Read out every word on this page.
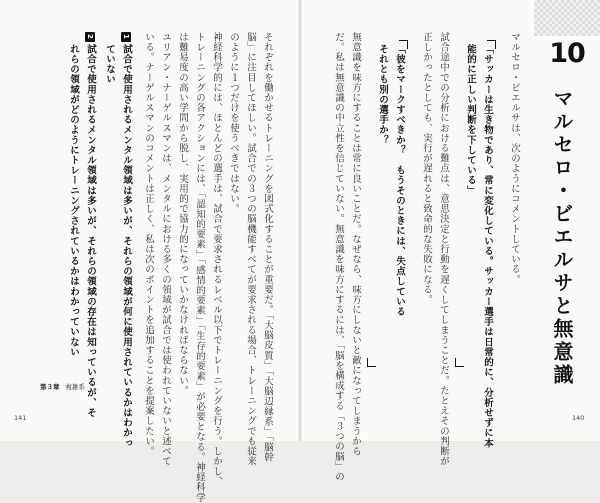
10
マルセロ・ビエルサと無意識
マルセロ・ビエルサは、次のようにコメントしている。
「サッカーは生き物であり、常に変化している。サッカー選手は日常的に、分析せずに本
能的に正しい判断を下している」
試合途中での分析における難点は、意思決定と行動を遅くしてしまうことだ。たとえその判断が
正しかったとしても、実行が遅れると致命的な失敗になる。
「彼をマークすべきか？　もうそのときには、失点している
それとも別の選手か？
無意識を味方にすることは常に良いことだ。なぜなら、味方にしないと敵になってしまうから
だ。私は無意識の中立性を信じていない。無意識を味方にするには、「脳を構成する「３つの脳」の
それぞれを働かせるトレーニングを図式化することが重要だ。「大脳皮質」「大脳辺縁系」「脳幹
脳」に注目してほしい。試合での３つの脳機能すべてが要求される場合、トレーニングでも従来
のように１つだけを使うべきではない。
神経科学的には、ほとんどの選手は、試合で要求されるレベル以下でトレーニングを行う。しかし、
トレーニングの各アクションには、「認知的要素」「感情的要素」「生存的要素」が必要となる。神経科学
は難易度の高い学問から脱し、実用的で協力的になっていかなければならない。
ユリアン・ナーゲルスマンは、メンタルにおける多くの領域が試合では使われていないと述べて
いる。ナーゲルスマンのコメントは正しく、私は次のポイントを追加することを提案したい。
1試合で使用されるメンタル領域は多いが、それらの領域が何に使用されているかはわかっ
ていない
2試合で使用されるメンタル領域は多いが、それらの領域の存在は知っているが、そ
れらの領域がどのようにトレーニングされているかはわかっていない
第３章 複雑系
141	140
